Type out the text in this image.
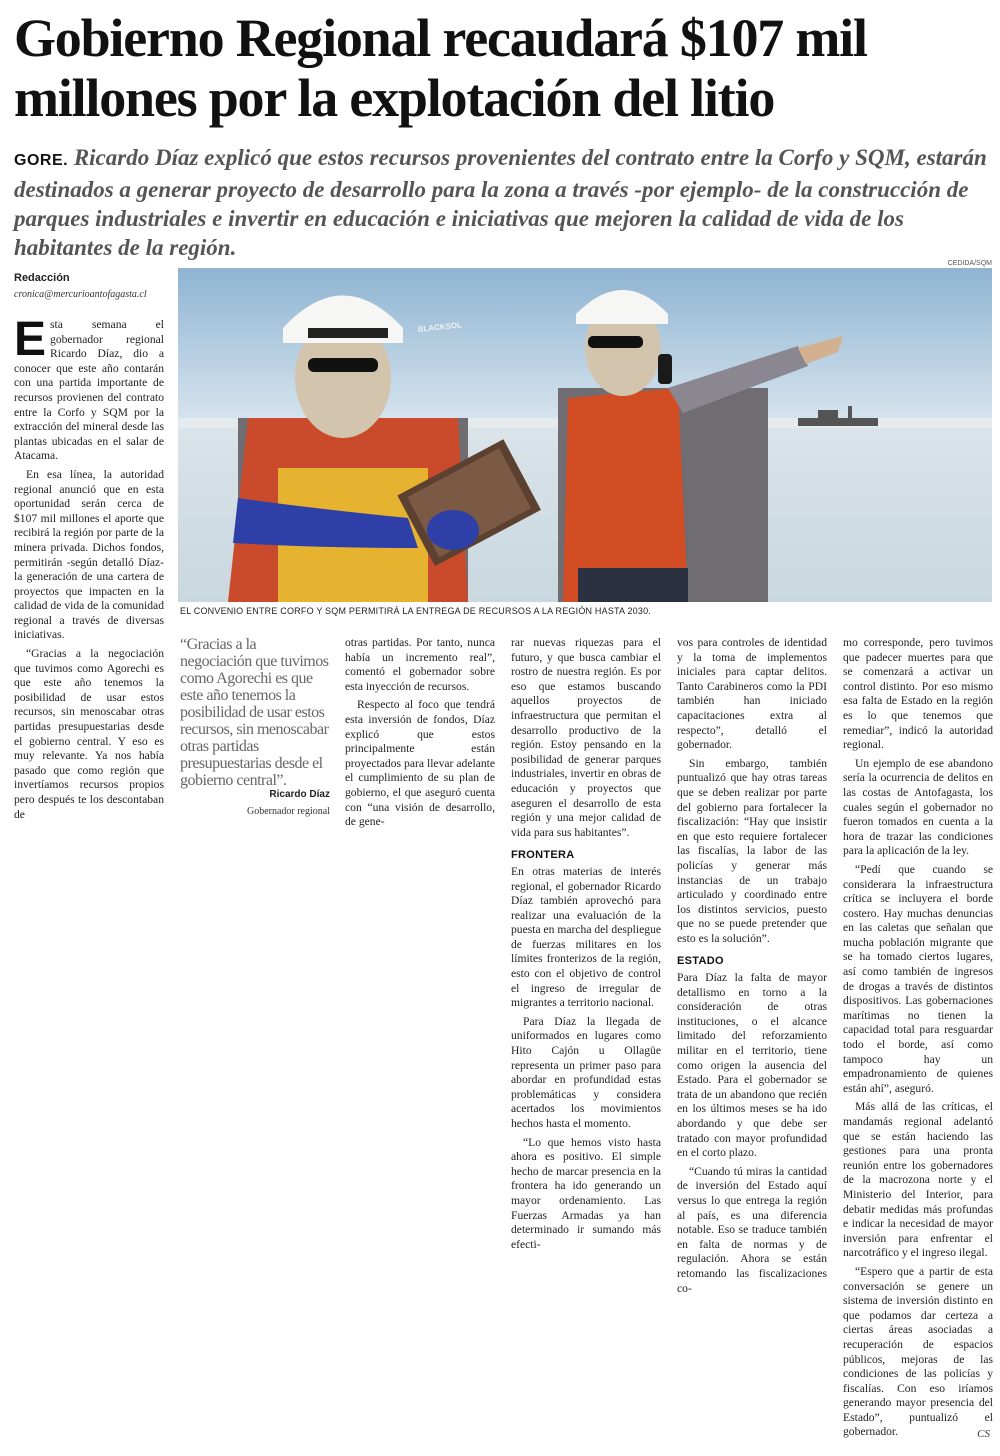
Gobierno Regional recaudará $107 mil millones por la explotación del litio
GORE. Ricardo Díaz explicó que estos recursos provenientes del contrato entre la Corfo y SQM, estarán destinados a generar proyecto de desarrollo para la zona a través -por ejemplo- de la construcción de parques industriales e invertir en educación e iniciativas que mejoren la calidad de vida de los habitantes de la región.
Redacción
cronica@mercurioantofagasta.cl

Esta semana el gobernador regional Ricardo Díaz, dio a conocer que este año contarán con una partida importante de recursos provienen del contrato entre la Corfo y SQM por la extracción del mineral desde las plantas ubicadas en el salar de Atacama.

En esa línea, la autoridad regional anunció que en esta oportunidad serán cerca de $107 mil millones el aporte que recibirá la región por parte de la minera privada. Dichos fondos, permitirán -según detalló Díaz- la generación de una cartera de proyectos que impacten en la calidad de vida de la comunidad regional a través de diversas iniciativas.

“Gracias a la negociación que tuvimos como Agorechi es que este año tenemos la posibilidad de usar estos recursos, sin menoscabar otras partidas presupuestarias desde el gobierno central. Y eso es muy relevante. Ya nos había pasado que como región que invertíamos recursos propios pero después te los descontaban de

CEDIDA/SQM
BLACKSOL
EL CONVENIO ENTRE CORFO Y SQM PERMITIRÁ LA ENTREGA DE RECURSOS A LA REGIÓN HASTA 2030.
“Gracias a la negociación que tuvimos como Agorechi es que este año tenemos la posibilidad de usar estos recursos, sin menoscabar otras partidas presupuestarias desde el gobierno central”.
Ricardo Díaz
Gobernador regional

otras partidas. Por tanto, nunca había un incremento real”, comentó el gobernador sobre esta inyección de recursos.

Respecto al foco que tendrá esta inversión de fondos, Díaz explicó que estos principalmente están proyectados para llevar adelante el cumplimiento de su plan de gobierno, el que aseguró cuenta con “una visión de desarrollo, de gene-

rar nuevas riquezas para el futuro, y que busca cambiar el rostro de nuestra región. Es por eso que estamos buscando aquellos proyectos de infraestructura que permitan el desarrollo productivo de la región. Estoy pensando en la posibilidad de generar parques industriales, invertir en obras de educación y proyectos que aseguren el desarrollo de esta región y una mejor calidad de vida para sus habitantes”.

FRONTERA

En otras materias de interés regional, el gobernador Ricardo Díaz también aprovechó para realizar una evaluación de la puesta en marcha del despliegue de fuerzas militares en los límites fronterizos de la región, esto con el objetivo de control el ingreso de irregular de migrantes a territorio nacional.

Para Díaz la llegada de uniformados en lugares como Hito Cajón u Ollagüe representa un primer paso para abordar en profundidad estas problemáticas y considera acertados los movimientos hechos hasta el momento.

“Lo que hemos visto hasta ahora es positivo. El simple hecho de marcar presencia en la frontera ha ido generando un mayor ordenamiento. Las Fuerzas Armadas ya han determinado ir sumando más efecti-

vos para controles de identidad y la toma de implementos iniciales para captar delitos. Tanto Carabineros como la PDI también han iniciado capacitaciones extra al respecto”, detalló el gobernador.

Sin embargo, también puntualizó que hay otras tareas que se deben realizar por parte del gobierno para fortalecer la fiscalización: “Hay que insistir en que esto requiere fortalecer las fiscalías, la labor de las policías y generar más instancias de un trabajo articulado y coordinado entre los distintos servicios, puesto que no se puede pretender que esto es la solución”.

ESTADO

Para Díaz la falta de mayor detallismo en torno a la consideración de otras instituciones, o el alcance limitado del reforzamiento militar en el territorio, tiene como origen la ausencia del Estado. Para el gobernador se trata de un abandono que recién en los últimos meses se ha ido abordando y que debe ser tratado con mayor profundidad en el corto plazo.

“Cuando tú miras la cantidad de inversión del Estado aquí versus lo que entrega la región al país, es una diferencia notable. Eso se traduce también en falta de normas y de regulación. Ahora se están retomando las fiscalizaciones co-

mo corresponde, pero tuvimos que padecer muertes para que se comenzará a activar un control distinto. Por eso mismo esa falta de Estado en la región es lo que tenemos que remediar”, indicó la autoridad regional.

Un ejemplo de ese abandono sería la ocurrencia de delitos en las costas de Antofagasta, los cuales según el gobernador no fueron tomados en cuenta a la hora de trazar las condiciones para la aplicación de la ley.

“Pedí que cuando se considerara la infraestructura crítica se incluyera el borde costero. Hay muchas denuncias en las caletas que señalan que mucha población migrante que se ha tomado ciertos lugares, así como también de ingresos de drogas a través de distintos dispositivos. Las gobernaciones marítimas no tienen la capacidad total para resguardar todo el borde, así como tampoco hay un empadronamiento de quienes están ahí”, aseguró.

Más allá de las críticas, el mandamás regional adelantó que se están haciendo las gestiones para una pronta reunión entre los gobernadores de la macrozona norte y el Ministerio del Interior, para debatir medidas más profundas e indicar la necesidad de mayor inversión para enfrentar el narcotráfico y el ingreso ilegal.

“Espero que a partir de esta conversación se genere un sistema de inversión distinto en que podamos dar certeza a ciertas áreas asociadas a recuperación de espacios públicos, mejoras de las condiciones de las policías y fiscalías. Con eso iríamos generando mayor presencia del Estado”, puntualizó el gobernador.	CS
